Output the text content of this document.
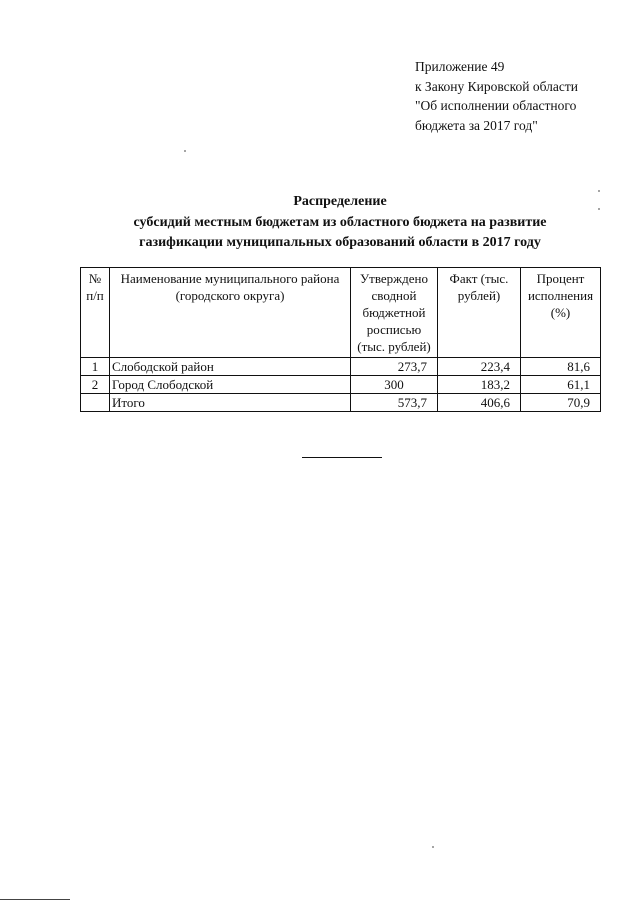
Приложение 49
к Закону Кировской области
"Об исполнении областного
бюджета за 2017 год"
Распределение
субсидий местным бюджетам из областного бюджета на развитие
газификации муниципальных образований области в 2017 году
№ п/п	Наименование муниципального района (городского округа)	Утверждено сводной бюджетной росписью (тыс. рублей)	Факт (тыс. рублей)	Процент исполнения (%)
1	Слободской район	273,7	223,4	81,6
2	Город Слободской	300	183,2	61,1
	Итого	573,7	406,6	70,9
